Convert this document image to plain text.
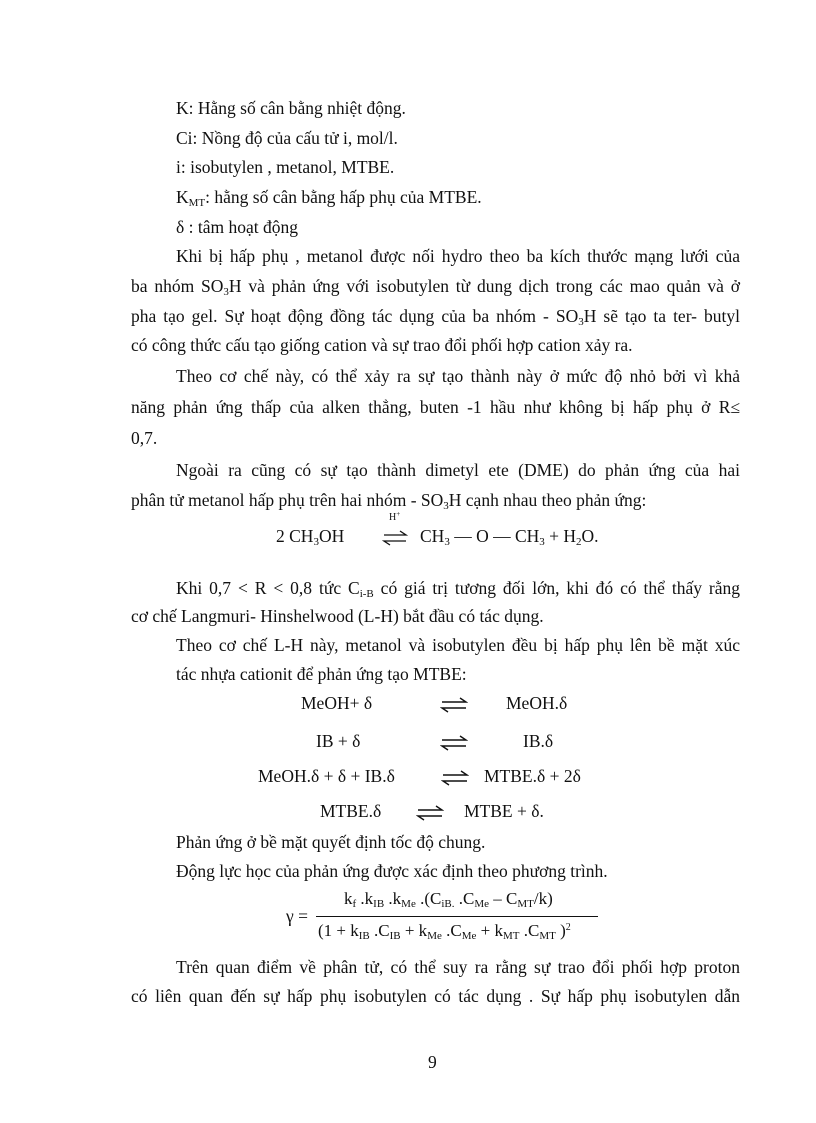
K: Hằng số cân bằng nhiệt động.
Ci: Nồng độ của cấu tử i, mol/l.
i: isobutylen , metanol, MTBE.
$K_{MT}$: hằng số cân bằng hấp phụ của MTBE.
δ : tâm hoạt động
Khi bị hấp phụ , metanol được nối hydro theo ba kích thước mạng lưới của
ba nhóm $SO_3H$ và phản ứng với isobutylen từ dung dịch trong các mao quản và ở
pha tạo gel. Sự hoạt động đồng tác dụng của ba nhóm - $SO_3H$ sẽ tạo ta ter- butyl
có công thức cấu tạo giống cation và sự trao đổi phối hợp cation xảy ra.
Theo cơ chế này, có thể xảy ra sự tạo thành này ở mức độ nhỏ bởi vì khả
năng phản ứng thấp của alken thẳng, buten -1 hầu như không bị hấp phụ ở R≤
0,7.
Ngoài ra cũng có sự tạo thành dimetyl ete (DME) do phản ứng của hai
phân tử metanol hấp phụ trên hai nhóm - $SO_3H$ cạnh nhau theo phản ứng:
2 $CH_3OH$
H+
⇌ $CH_3$ — O — $CH_3 + H_2O$.
Khi 0,7 < R < 0,8 tức $C_{i-B}$ có giá trị tương đối lớn, khi đó có thể thấy rằng
cơ chế Langmuri- Hinshelwood (L-H) bắt đầu có tác dụng.
Theo cơ chế L-H này, metanol và isobutylen đều bị hấp phụ lên bề mặt xúc
tác nhựa cationit để phản ứng tạo MTBE:
MeOH+ δ	MeOH.δ
IB + δ	IB.δ
MeOH.δ + δ + IB.δ	⇌ MTBE.δ + 2δ
MTBE.δ ⇌ MTBE + δ.
Phản ứng ở bề mặt quyết định tốc độ chung.
Động lực học của phản ứng được xác định theo phương trình.
γ =
$k_f$ $.k_{IB}$ $.k_{Me}$ $.(C_{iB.}$ $.C_{Me} - C_{MT}/k$)
($1 + k_{IB}$ $.C_{IB} + k_{Me}$ $.C_{Me} + k_{MT}$ $.C_{MT}$ )$^2$
Trên quan điểm về phân tử, có thể suy ra rằng sự trao đổi phối hợp proton
có liên quan đến sự hấp phụ isobutylen có tác dụng . Sự hấp phụ isobutylen dẫn
9
